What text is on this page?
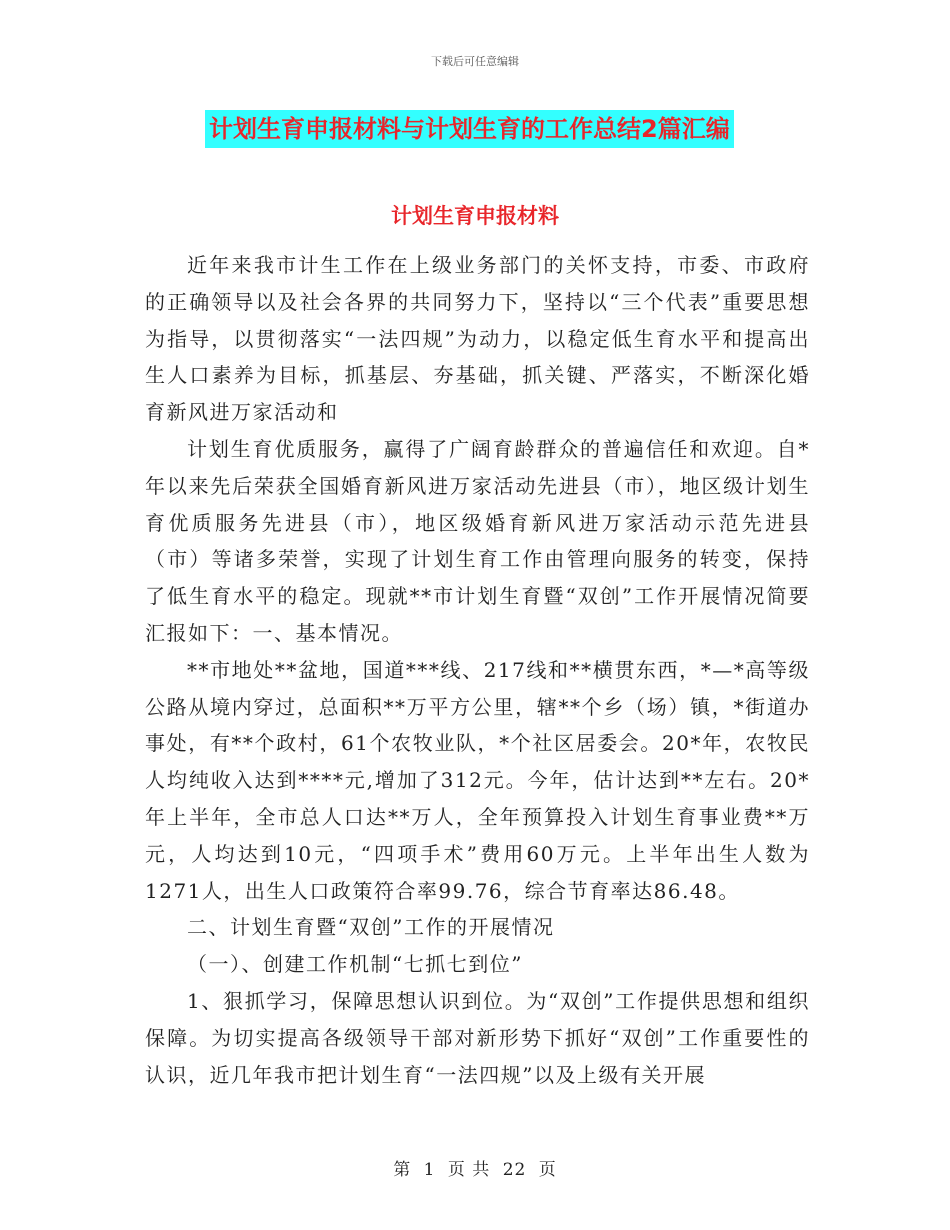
下载后可任意编辑
计划生育申报材料与计划生育的工作总结2篇汇编
计划生育申报材料

近年来我市计生工作在上级业务部门的关怀支持，市委、市政府的正确领导以及社会各界的共同努力下，坚持以“三个代表”重要思想为指导，以贯彻落实“一法四规”为动力，以稳定低生育水平和提高出生人口素养为目标，抓基层、夯基础，抓关键、严落实，不断深化婚育新风进万家活动和

计划生育优质服务，赢得了广阔育龄群众的普遍信任和欢迎。自*年以来先后荣获全国婚育新风进万家活动先进县（市），地区级计划生育优质服务先进县（市），地区级婚育新风进万家活动示范先进县（市）等诸多荣誉，实现了计划生育工作由管理向服务的转变，保持了低生育水平的稳定。现就**市计划生育暨“双创”工作开展情况简要汇报如下：一、基本情况。

**市地处**盆地，国道***线、217线和**横贯东西，*—*高等级公路从境内穿过，总面积**万平方公里，辖**个乡（场）镇，*街道办事处，有**个政村，61个农牧业队，*个社区居委会。20*年，农牧民人均纯收入达到****元,增加了312元。今年，估计达到**左右。20*年上半年，全市总人口达**万人，全年预算投入计划生育事业费**万元，人均达到10元，“四项手术”费用60万元。上半年出生人数为1271人，出生人口政策符合率99.76，综合节育率达86.48。

二、计划生育暨“双创”工作的开展情况

（一）、创建工作机制“七抓七到位”

1、狠抓学习，保障思想认识到位。为“双创”工作提供思想和组织保障。为切实提高各级领导干部对新形势下抓好“双创”工作重要性的认识，近几年我市把计划生育“一法四规”以及上级有关开展

第 1 页 共 22 页
